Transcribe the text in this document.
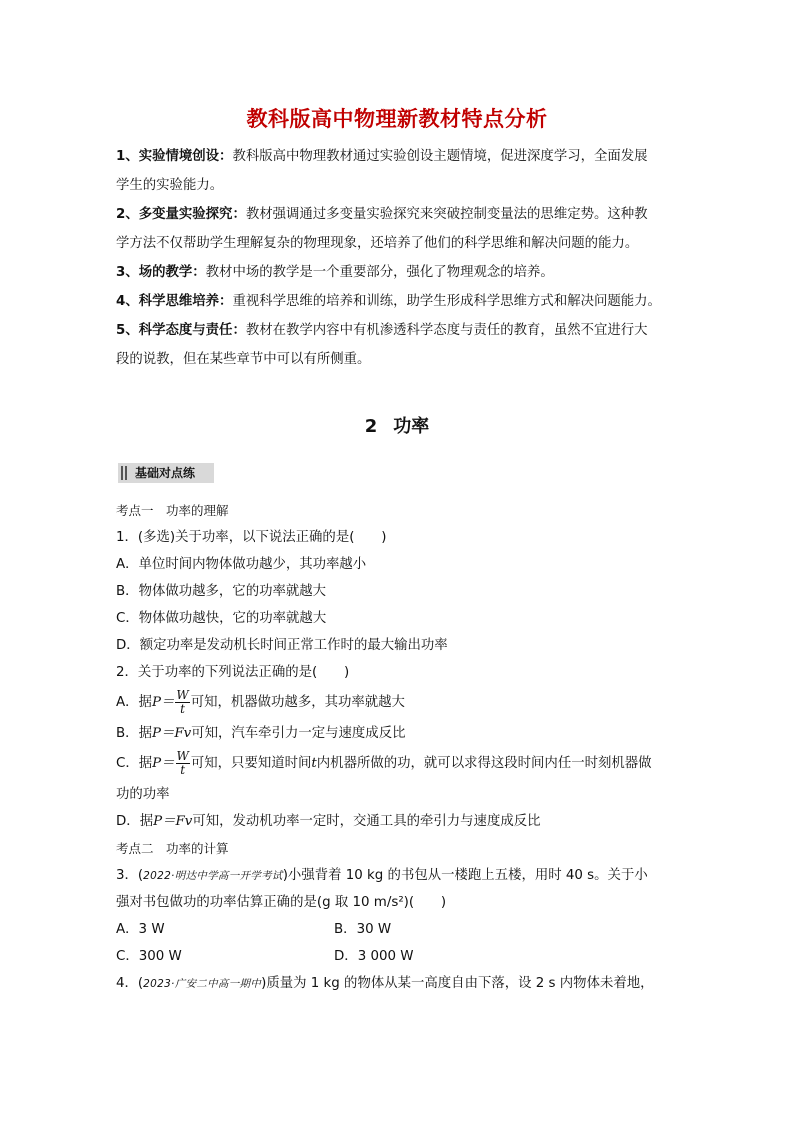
教科版高中物理新教材特点分析

1、实验情境创设：教科版高中物理教材通过实验创设主题情境，促进深度学习，全面发展

学生的实验能力。

2、多变量实验探究：教材强调通过多变量实验探究来突破控制变量法的思维定势。这种教

学方法不仅帮助学生理解复杂的物理现象，还培养了他们的科学思维和解决问题的能力。

3、场的教学：教材中场的教学是一个重要部分，强化了物理观念的培养。

4、科学思维培养：重视科学思维的培养和训练，助学生形成科学思维方式和解决问题能力。

5、科学态度与责任：教材在教学内容中有机渗透科学态度与责任的教育，虽然不宜进行大

段的说教，但在某些章节中可以有所侧重。

2 功率
基础对点练
考点一　功率的理解
1．(多选)关于功率，以下说法正确的是(　　)
A．单位时间内物体做功越少，其功率越小
B．物体做功越多，它的功率就越大
C．物体做功越快，它的功率就越大
D．额定功率是发动机长时间正常工作时的最大输出功率
2．关于功率的下列说法正确的是(　　)
A．据$P= \frac{W}{t}$ 可知，机器做功越多，其功率就越大
B．据P＝Fv可知，汽车牵引力一定与速度成反比
C．据$P= \frac{W}{t}$ 可知，只要知道时间t内机器所做的功，就可以求得这段时间内任一时刻机器做
功的功率
D．据P＝Fv可知，发动机功率一定时，交通工具的牵引力与速度成反比
考点二　功率的计算
3．(2022·明达中学高一开学考试)小强背着 10 kg 的书包从一楼跑上五楼，用时 40 s。关于小
强对书包做功的功率估算正确的是(g 取 10 m/s²)(　　)
A．3 W	B．30 W
C．300 W	D．3 000 W
4．(2023·广安二中高一期中)质量为 1 kg 的物体从某一高度自由下落，设 2 s 内物体未着地，
